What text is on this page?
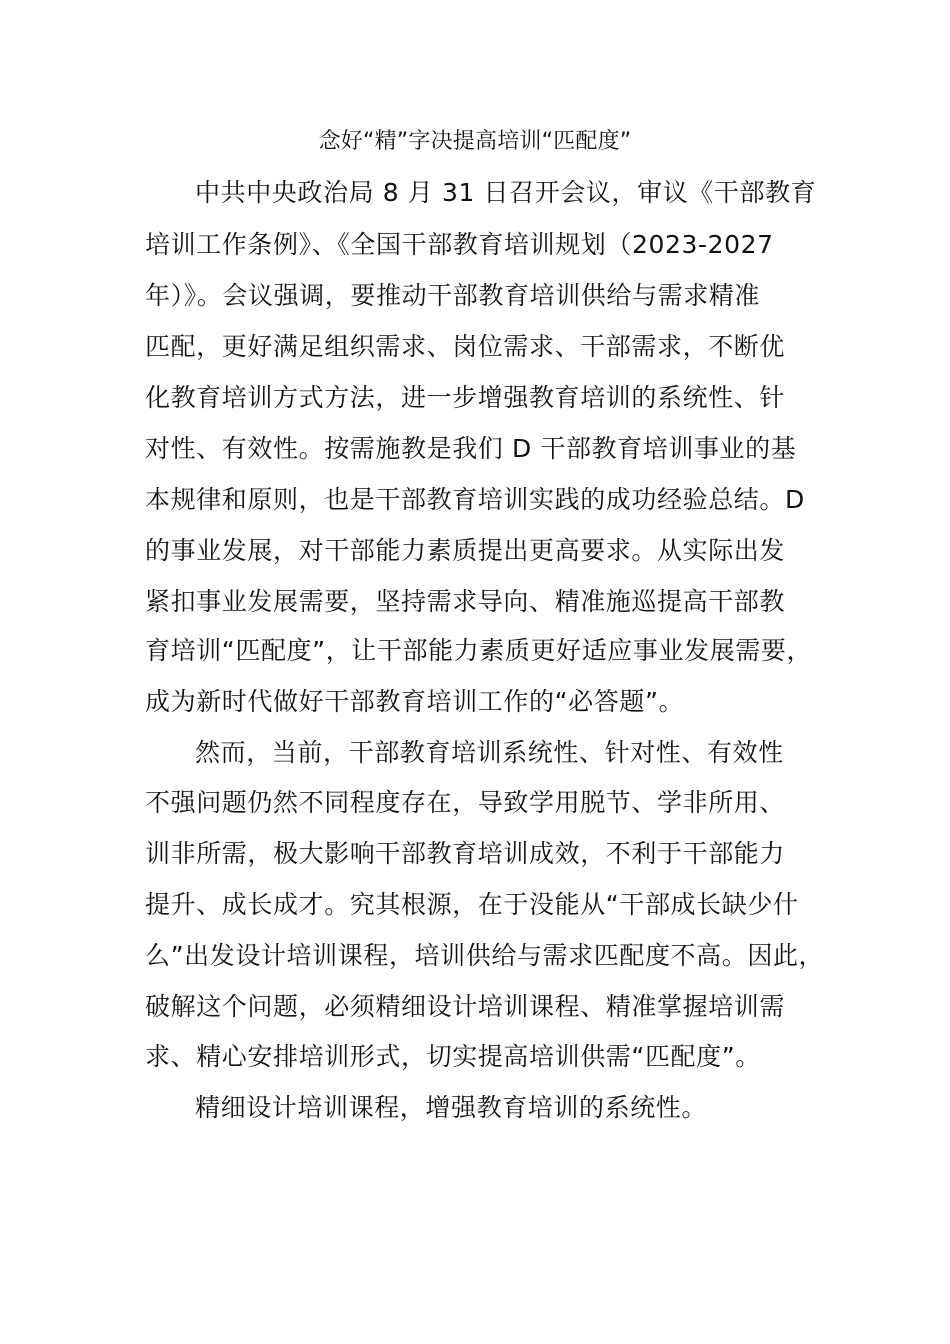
念好“精”字决提高培训“匹配度”
中共中央政治局 8 月 31 日召开会议，审议《干部教育
培训工作条例》、《全国干部教育培训规划（2023-2027
年）》。会议强调，要推动干部教育培训供给与需求精准
匹配，更好满足组织需求、岗位需求、干部需求，不断优
化教育培训方式方法，进一步增强教育培训的系统性、针
对性、有效性。按需施教是我们 D 干部教育培训事业的基
本规律和原则，也是干部教育培训实践的成功经验总结。D
的事业发展，对干部能力素质提出更高要求。从实际出发
紧扣事业发展需要，坚持需求导向、精准施巡提高干部教
育培训“匹配度”，让干部能力素质更好适应事业发展需要，
成为新时代做好干部教育培训工作的“必答题”。
然而，当前，干部教育培训系统性、针对性、有效性
不强问题仍然不同程度存在，导致学用脱节、学非所用、
训非所需，极大影响干部教育培训成效，不利于干部能力
提升、成长成才。究其根源，在于没能从“干部成长缺少什
么”出发设计培训课程，培训供给与需求匹配度不高。因此，
破解这个问题，必须精细设计培训课程、精准掌握培训需
求、精心安排培训形式，切实提高培训供需“匹配度”。
精细设计培训课程，增强教育培训的系统性。
